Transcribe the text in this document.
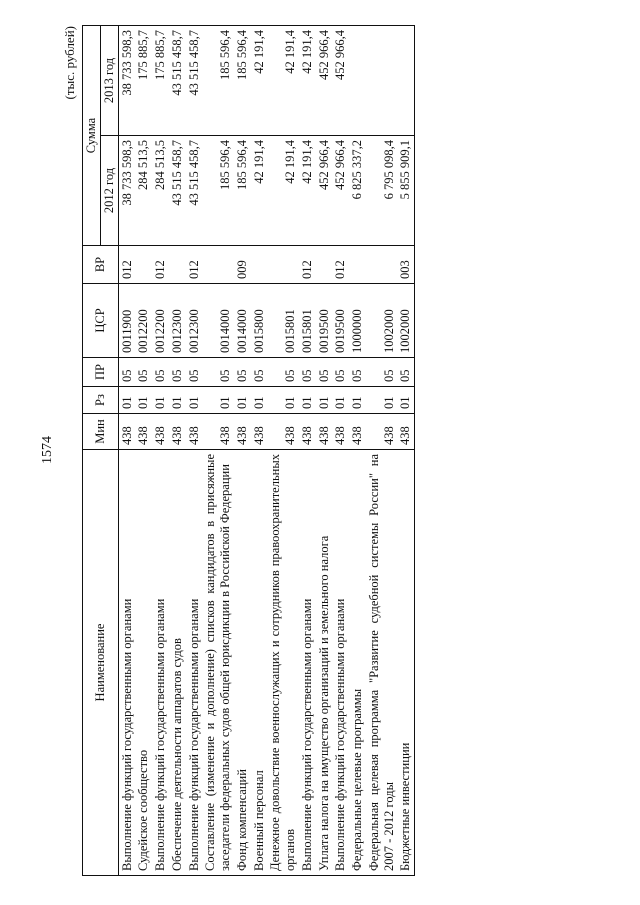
1574
(тыс. рублей)
Наименование	Мин	Рз	ПР	ЦСР	ВР	Сумма	
						2012 год	2013 год
Выполнение функций государственными органами	438	01	05	0011900	012	38 733 598,3	38 733 598,3
Судейское сообщество	438	01	05	0012200		284 513,5	175 885,7
Выполнение функций государственными органами	438	01	05	0012200	012	284 513,5	175 885,7
Обеспечение деятельности аппаратов судов	438	01	05	0012300		43 515 458,7	43 515 458,7
Выполнение функций государственными органами	438	01	05	0012300	012	43 515 458,7	43 515 458,7
Составление (изменение и дополнение) списков кандидатов в присяжные заседатели федеральных судов общей юрисдикции в Российской Федерации	438	01	05	0014000		185 596,4	185 596,4
Фонд компенсаций	438	01	05	0014000	009	185 596,4	185 596,4
Военный персонал	438	01	05	0015800		42 191,4	42 191,4
Денежное довольствие военнослужащих и сотрудников правоохранительных органов	438	01	05	0015801		42 191,4	42 191,4
Выполнение функций государственными органами	438	01	05	0015801	012	42 191,4	42 191,4
Уплата налога на имущество организаций и земельного налога	438	01	05	0019500		452 966,4	452 966,4
Выполнение функций государственными органами	438	01	05	0019500	012	452 966,4	452 966,4
Федеральные целевые программы	438	01	05	1000000		6 825 337,2	
Федеральная целевая программа "Развитие судебной системы России" на 2007 - 2012 годы	438	01	05	1002000		6 795 098,4	
Бюджетные инвестиции	438	01	05	1002000	003	5 855 909,1	
